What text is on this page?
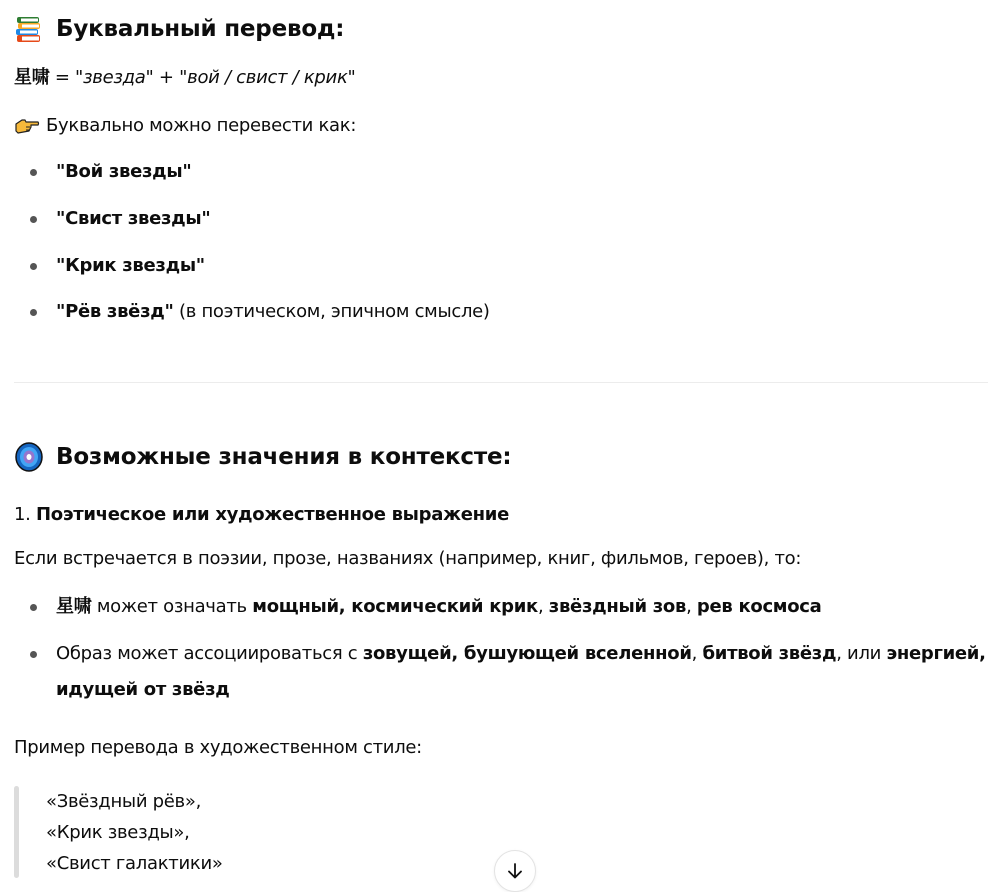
Буквальный перевод:
星啸 = "звезда" + "вой / свист / крик"
Буквально можно перевести как:
"Вой звезды"
"Свист звезды"
"Крик звезды"
"Рёв звёзд" (в поэтическом, эпичном смысле)
Возможные значения в контексте:
1. Поэтическое или художественное выражение
Если встречается в поэзии, прозе, названиях (например, книг, фильмов, героев), то:
星啸 может означать мощный, космический крик, звёздный зов, рев космоса
Образ может ассоциироваться с зовущей, бушующей вселенной, битвой звёзд, или энергией, идущей от звёзд
Пример перевода в художественном стиле:
«Звёздный рёв»,
«Крик звезды»,
«Свист галактики»
